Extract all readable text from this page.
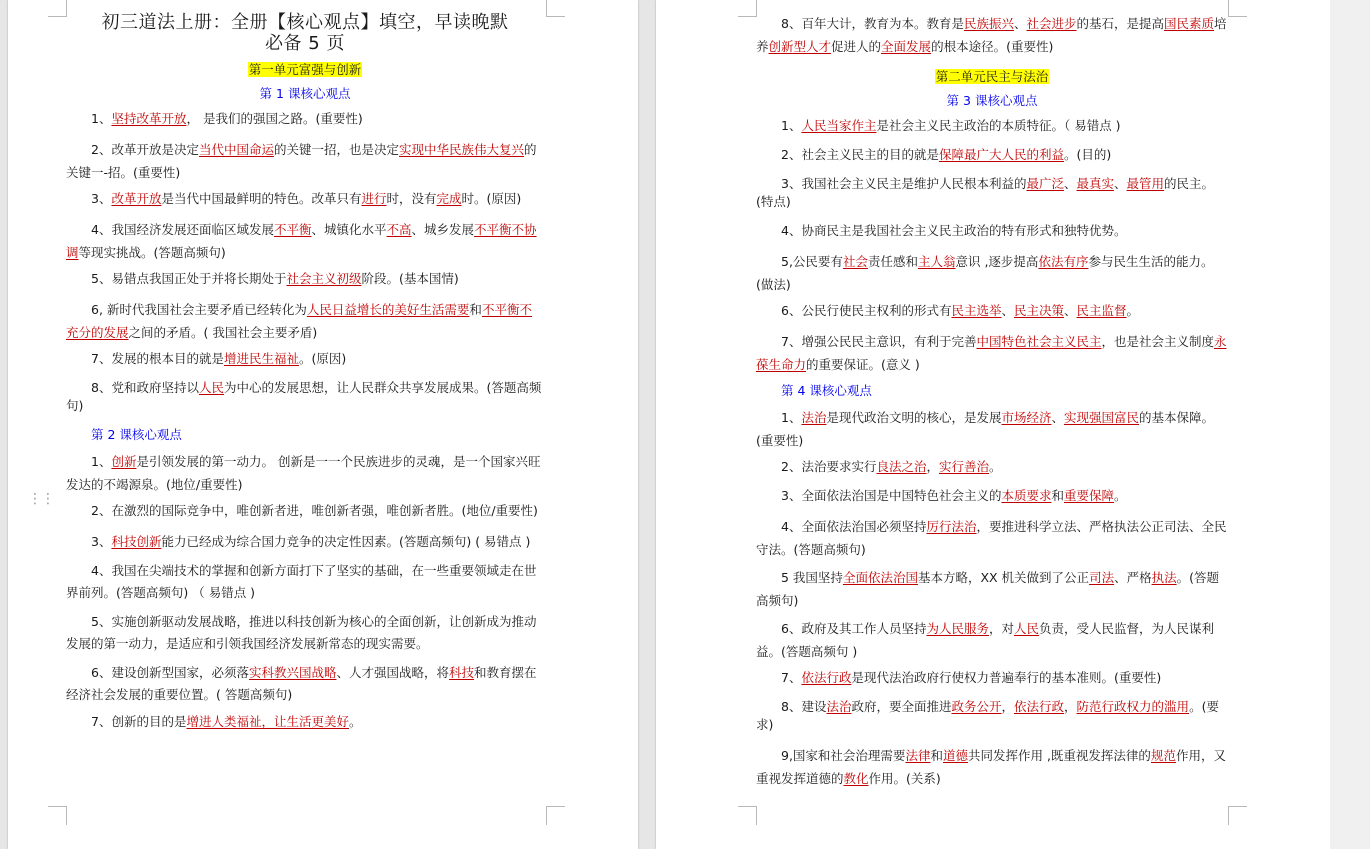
初三道法上册：全册【核心观点】填空，早读晚默
必备 5 页
第一单元富强与创新
第 1 课核心观点

1、坚持改革开放， 是我们的强国之路。(重要性)

2、改革开放是决定当代中国命运的关键一招，也是决定实现中华民族伟大复兴的关键一-招。(重要性)

3、改革开放是当代中国最鲜明的特色。改革只有进行时，没有完成时。(原因)

4、我国经济发展还面临区域发展不平衡、城镇化水平不高、城乡发展不平衡不协调等现实挑战。(答题高频句)

5、易错点我国正处于并将长期处于社会主义初级阶段。(基本国情)

6, 新时代我国社会主要矛盾已经转化为人民日益增长的美好生活需要和不平衡不充分的发展之间的矛盾。( 我国社会主要矛盾)

7、发展的根本目的就是增进民生福祉。(原因)

8、党和政府坚持以人民为中心的发展思想，让人民群众共享发展成果。(答题高频句)

第 2 课核心观点

1、创新是引领发展的第一动力。 创新是一一个民族进步的灵魂，是一个国家兴旺发达的不竭源泉。(地位/重要性)

2、在激烈的国际竞争中，唯创新者进，唯创新者强，唯创新者胜。(地位/重要性)

3、科技创新能力已经成为综合国力竞争的决定性因素。(答题高频句) ( 易错点 )

4、我国在尖端技术的掌握和创新方面打下了坚实的基础，在一些重要领域走在世界前列。(答题高频句) （ 易错点 )

5、实施创新驱动发展战略，推进以科技创新为核心的全面创新，让创新成为推动发展的第一动力，是适应和引领我国经济发展新常态的现实需要。

6、建设创新型国家，必须落实科教兴国战略、人才强国战略，将科技和教育摆在经济社会发展的重要位置。( 答题高频句)

7、创新的目的是增进人类福祉，让生活更美好。

⋮⋮

8、百年大计，教育为本。教育是民族振兴、社会进步的基石，是提高国民素质培养创新型人才促进人的全面发展的根本途径。(重要性)

第二单元民主与法治
第 3 课核心观点

1、人民当家作主是社会主义民主政治的本质特征。（ 易错点 )

2、社会主义民主的目的就是保障最广大人民的利益。(目的)

3、我国社会主义民主是维护人民根本利益的最广泛、最真实、最管用的民主。(特点)

4、协商民主是我国社会主义民主政治的特有形式和独特优势。

5,公民要有社会责任感和主人翁意识 ,逐步提高依法有序参与民生生活的能力。(做法)

6、公民行使民主权利的形式有民主选举、民主决策、民主监督。

7、增强公民民主意识，有利于完善中国特色社会主义民主，也是社会主义制度永葆生命力的重要保证。(意义 )

第 4 课核心观点

1、法治是现代政治文明的核心，是发展市场经济、实现强国富民的基本保障。(重要性)

2、法治要求实行良法之治，实行善治。

3、全面依法治国是中国特色社会主义的本质要求和重要保障。

4、全面依法治国必须坚持厉行法治，要推进科学立法、严格执法公正司法、全民守法。(答题高频句)

5 我国坚持全面依法治国基本方略，XX 机关做到了公正司法、严格执法。(答题高频句)

6、政府及其工作人员坚持为人民服务，对人民负责，受人民监督，为人民谋利益。(答题高频句 )

7、依法行政是现代法治政府行使权力普遍奉行的基本准则。(重要性)

8、建设法治政府，要全面推进政务公开，依法行政，防范行政权力的滥用。(要求)

9,国家和社会治理需要法律和道德共同发挥作用 ,既重视发挥法律的规范作用，又重视发挥道德的教化作用。(关系)
